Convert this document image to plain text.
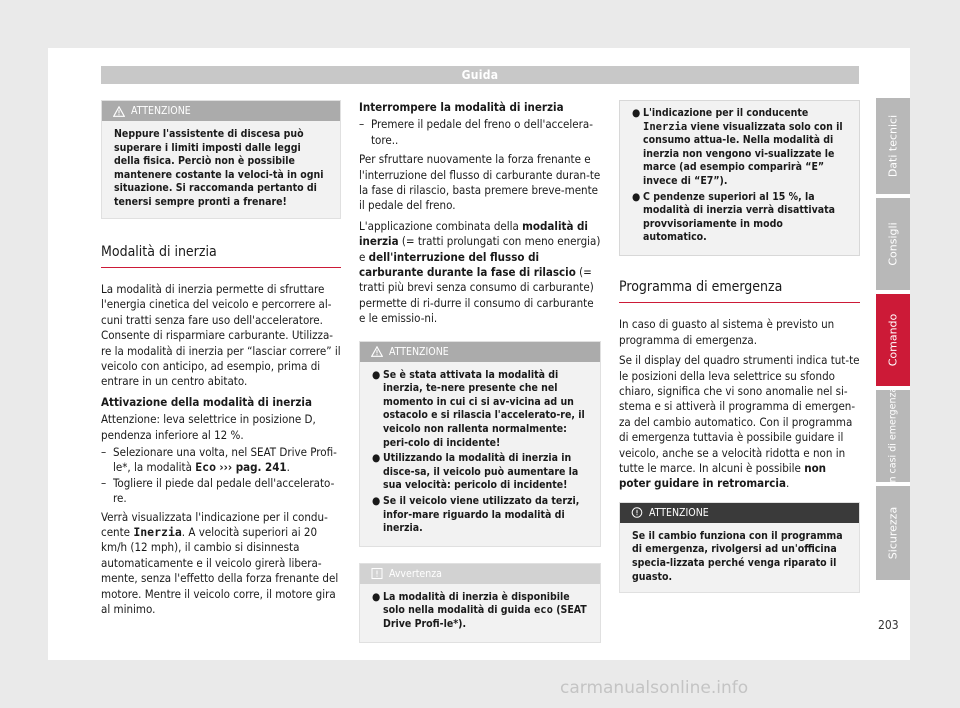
Guida
ATTENZIONE
Neppure l'assistente di discesa può superare i limiti imposti dalle leggi della fisica. Perciò non è possibile mantenere costante la veloci-tà in ogni situazione. Si raccomanda pertanto di tenersi sempre pronti a frenare!
Modalità di inerzia

La modalità di inerzia permette di sfruttare l'energia cinetica del veicolo e percorrere al-cuni tratti senza fare uso dell'acceleratore. Consente di risparmiare carburante. Utilizza-re la modalità di inerzia per “lasciar correre” il veicolo con anticipo, ad esempio, prima di entrare in un centro abitato.

Attivazione della modalità di inerzia

Attenzione: leva selettrice in posizione D, pendenza inferiore al 12 %.

– Selezionare una volta, nel SEAT Drive Profi-le*, la modalità Eco ››› pag. 241.
– Togliere il piede dal pedale dell'accelerato-re.

Verrà visualizzata l'indicazione per il condu-cente Inerzia. A velocità superiori ai 20 km/h (12 mph), il cambio si disinnesta automaticamente e il veicolo girerà libera-mente, senza l'effetto della forza frenante del motore. Mentre il veicolo corre, il motore gira al minimo.

Interrompere la modalità di inerzia

– Premere il pedale del freno o dell'accelera-tore..

Per sfruttare nuovamente la forza frenante e l'interruzione del flusso di carburante duran-te la fase di rilascio, basta premere breve-mente il pedale del freno.

L'applicazione combinata della modalità di inerzia (= tratti prolungati con meno energia) e dell'interruzione del flusso di carburante durante la fase di rilascio (= tratti più brevi senza consumo di carburante) permette di ri-durre il consumo di carburante e le emissio-ni.

ATTENZIONE
● Se è stata attivata la modalità di inerzia, te-nere presente che nel momento in cui ci si av-vicina ad un ostacolo e si rilascia l'accelerato-re, il veicolo non rallenta normalmente: peri-colo di incidente!
● Utilizzando la modalità di inerzia in disce-sa, il veicolo può aumentare la sua velocità: pericolo di incidente!
● Se il veicolo viene utilizzato da terzi, infor-mare riguardo la modalità di inerzia.
Avvertenza
● La modalità di inerzia è disponibile solo nella modalità di guida eco (SEAT Drive Profi-le*).
● L'indicazione per il conducente Inerzia viene visualizzata solo con il consumo attua-le. Nella modalità di inerzia non vengono vi-sualizzate le marce (ad esempio comparirà “E” invece di “E7”).
● C pendenze superiori al 15 %, la modalità di inerzia verrà disattivata provvisoriamente in modo automatico.
Programma di emergenza

In caso di guasto al sistema è previsto un programma di emergenza.

Se il display del quadro strumenti indica tut-te le posizioni della leva selettrice su sfondo chiaro, significa che vi sono anomalie nel si-stema e si attiverà il programma di emergen-za del cambio automatico. Con il programma di emergenza tuttavia è possibile guidare il veicolo, anche se a velocità ridotta e non in tutte le marce. In alcuni è possibile non poter guidare in retromarcia.

ATTENZIONE
Se il cambio funziona con il programma di emergenza, rivolgersi ad un'officina specia-lizzata perché venga riparato il guasto.
Dati tecnici
Consigli
Comando
In casi di emergenza
Sicurezza
203
carmanualsonline.info
